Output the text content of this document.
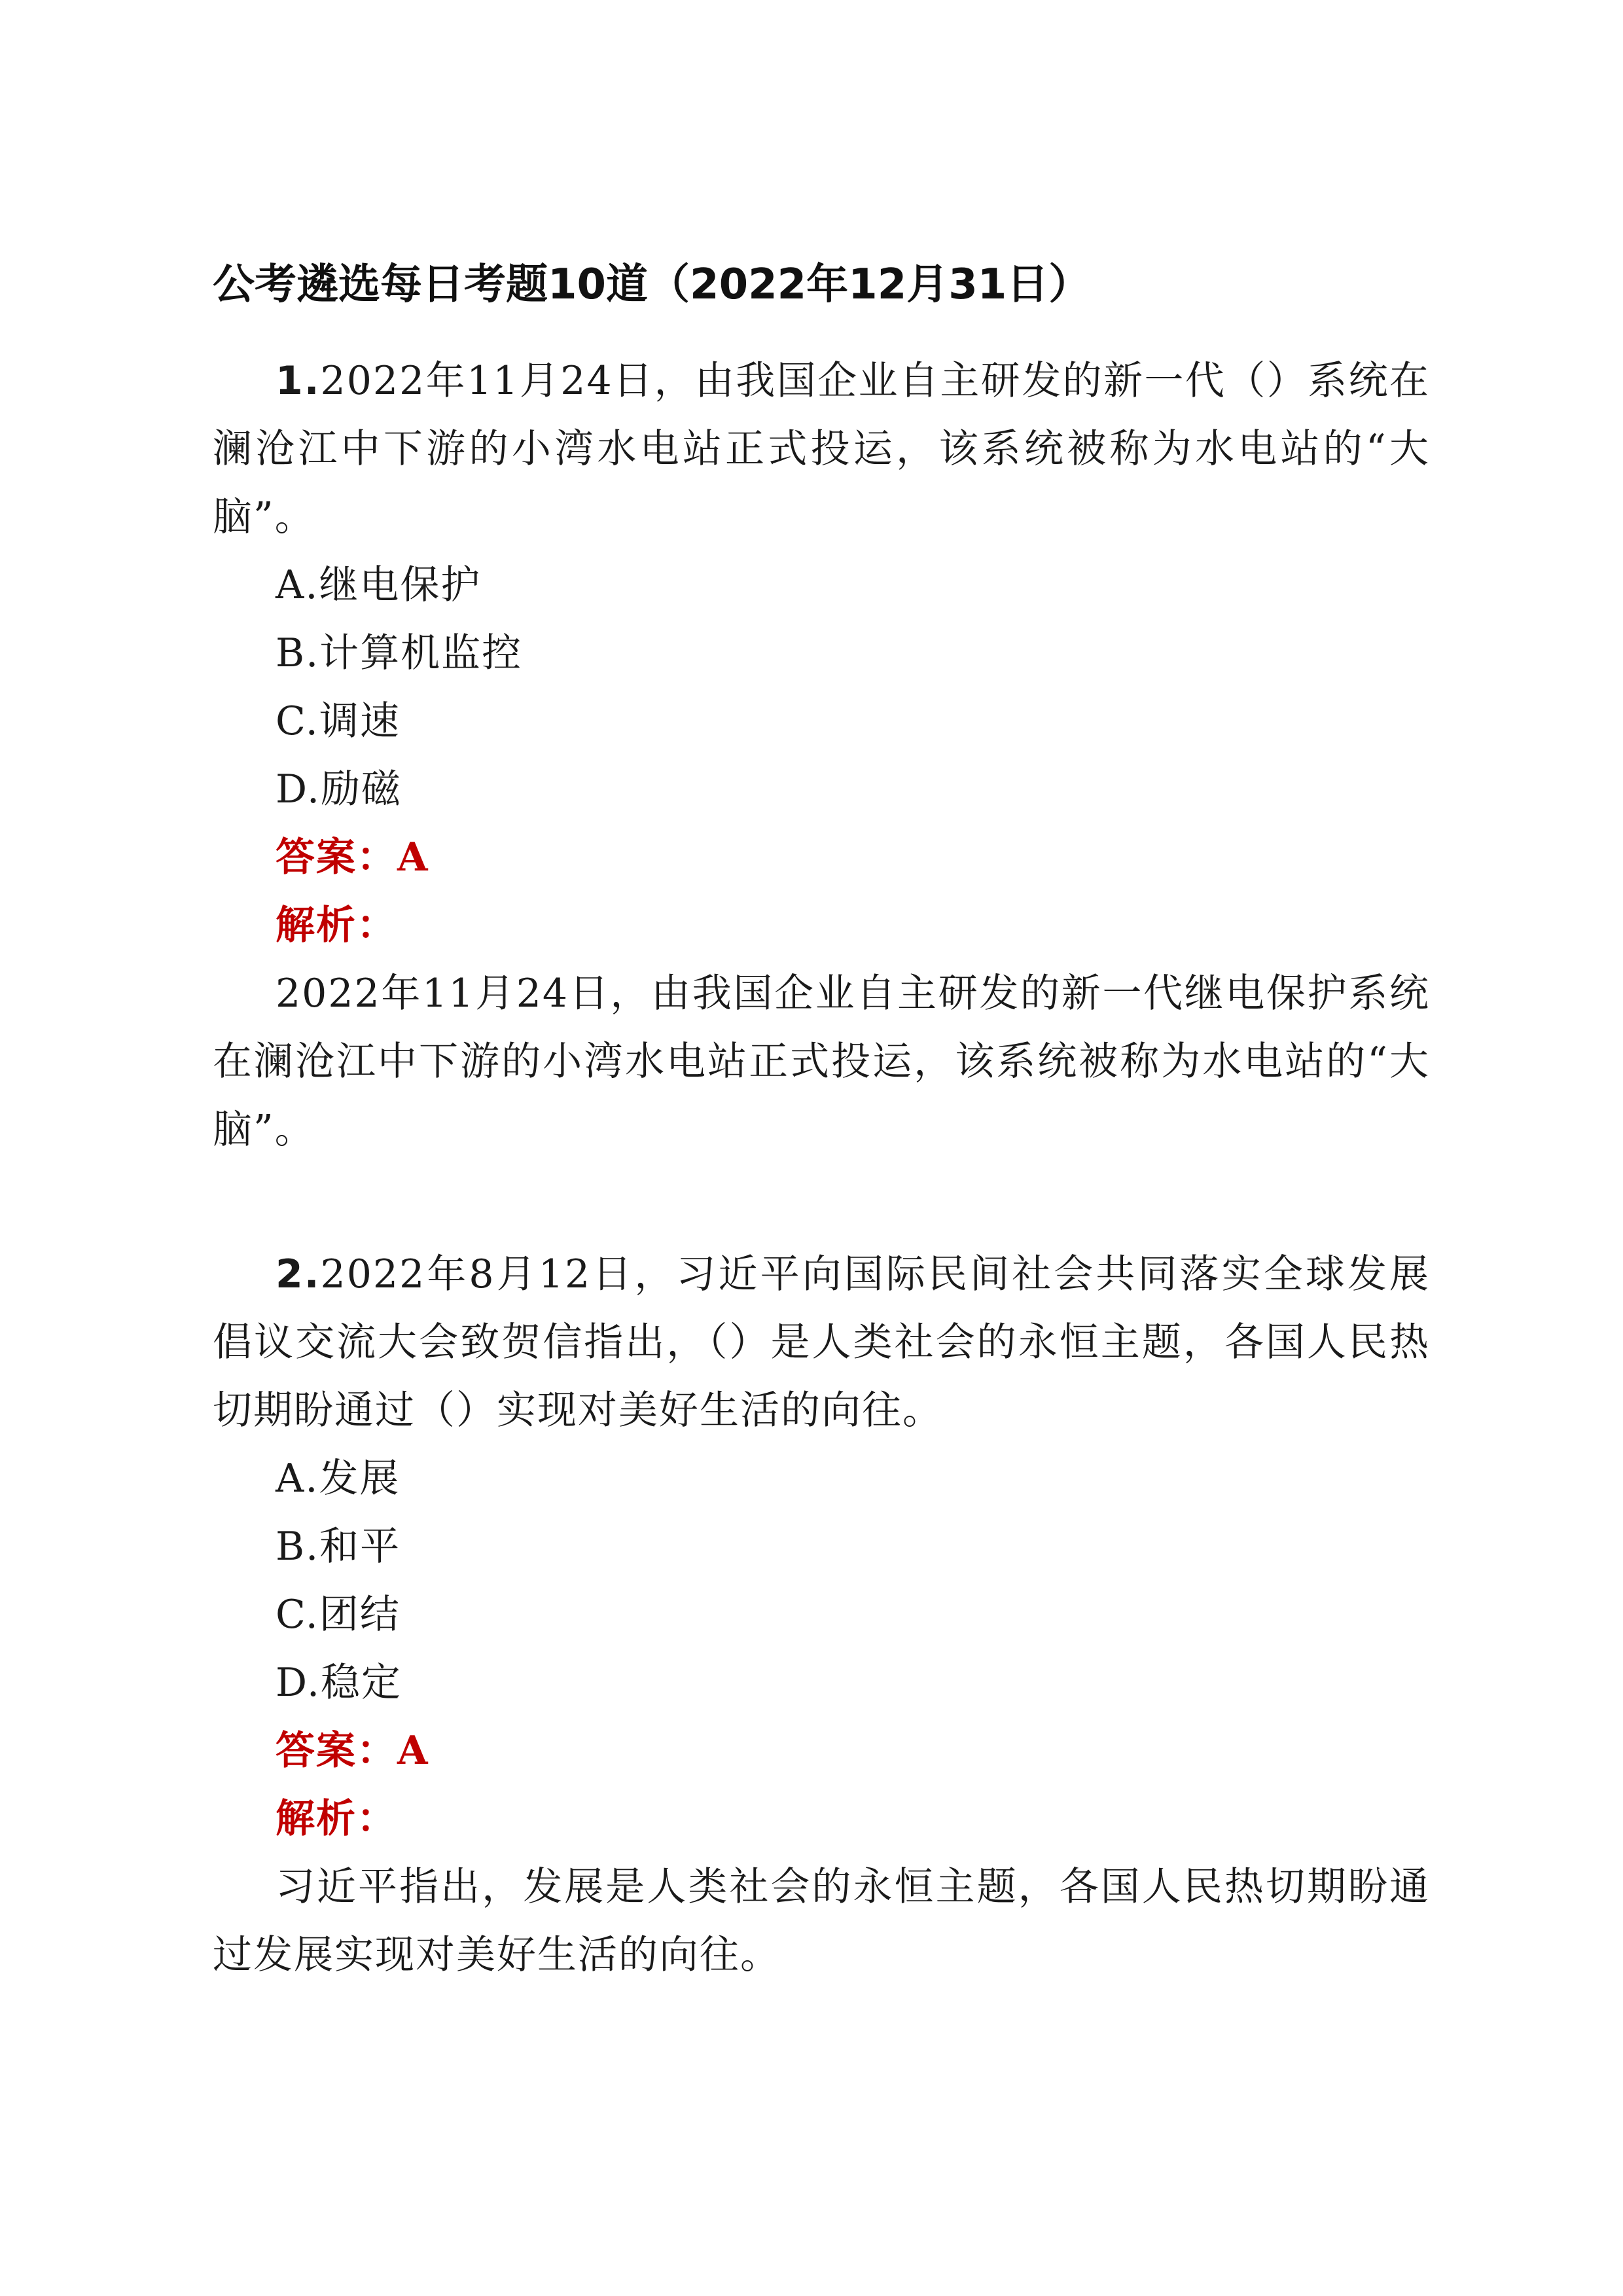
公考遴选每日考题10道（2022年12月31日）

1.2022年11月24日，由我国企业自主研发的新一代（）系统在澜沧江中下游的小湾水电站正式投运，该系统被称为水电站的“大脑”。

A.继电保护

B.计算机监控

C.调速

D.励磁

答案：A

解析：

2022年11月24日，由我国企业自主研发的新一代继电保护系统在澜沧江中下游的小湾水电站正式投运，该系统被称为水电站的“大脑”。

2.2022年8月12日，习近平向国际民间社会共同落实全球发展倡议交流大会致贺信指出，（）是人类社会的永恒主题，各国人民热切期盼通过（）实现对美好生活的向往。

A.发展

B.和平

C.团结

D.稳定

答案：A

解析：

习近平指出，发展是人类社会的永恒主题，各国人民热切期盼通过发展实现对美好生活的向往。
